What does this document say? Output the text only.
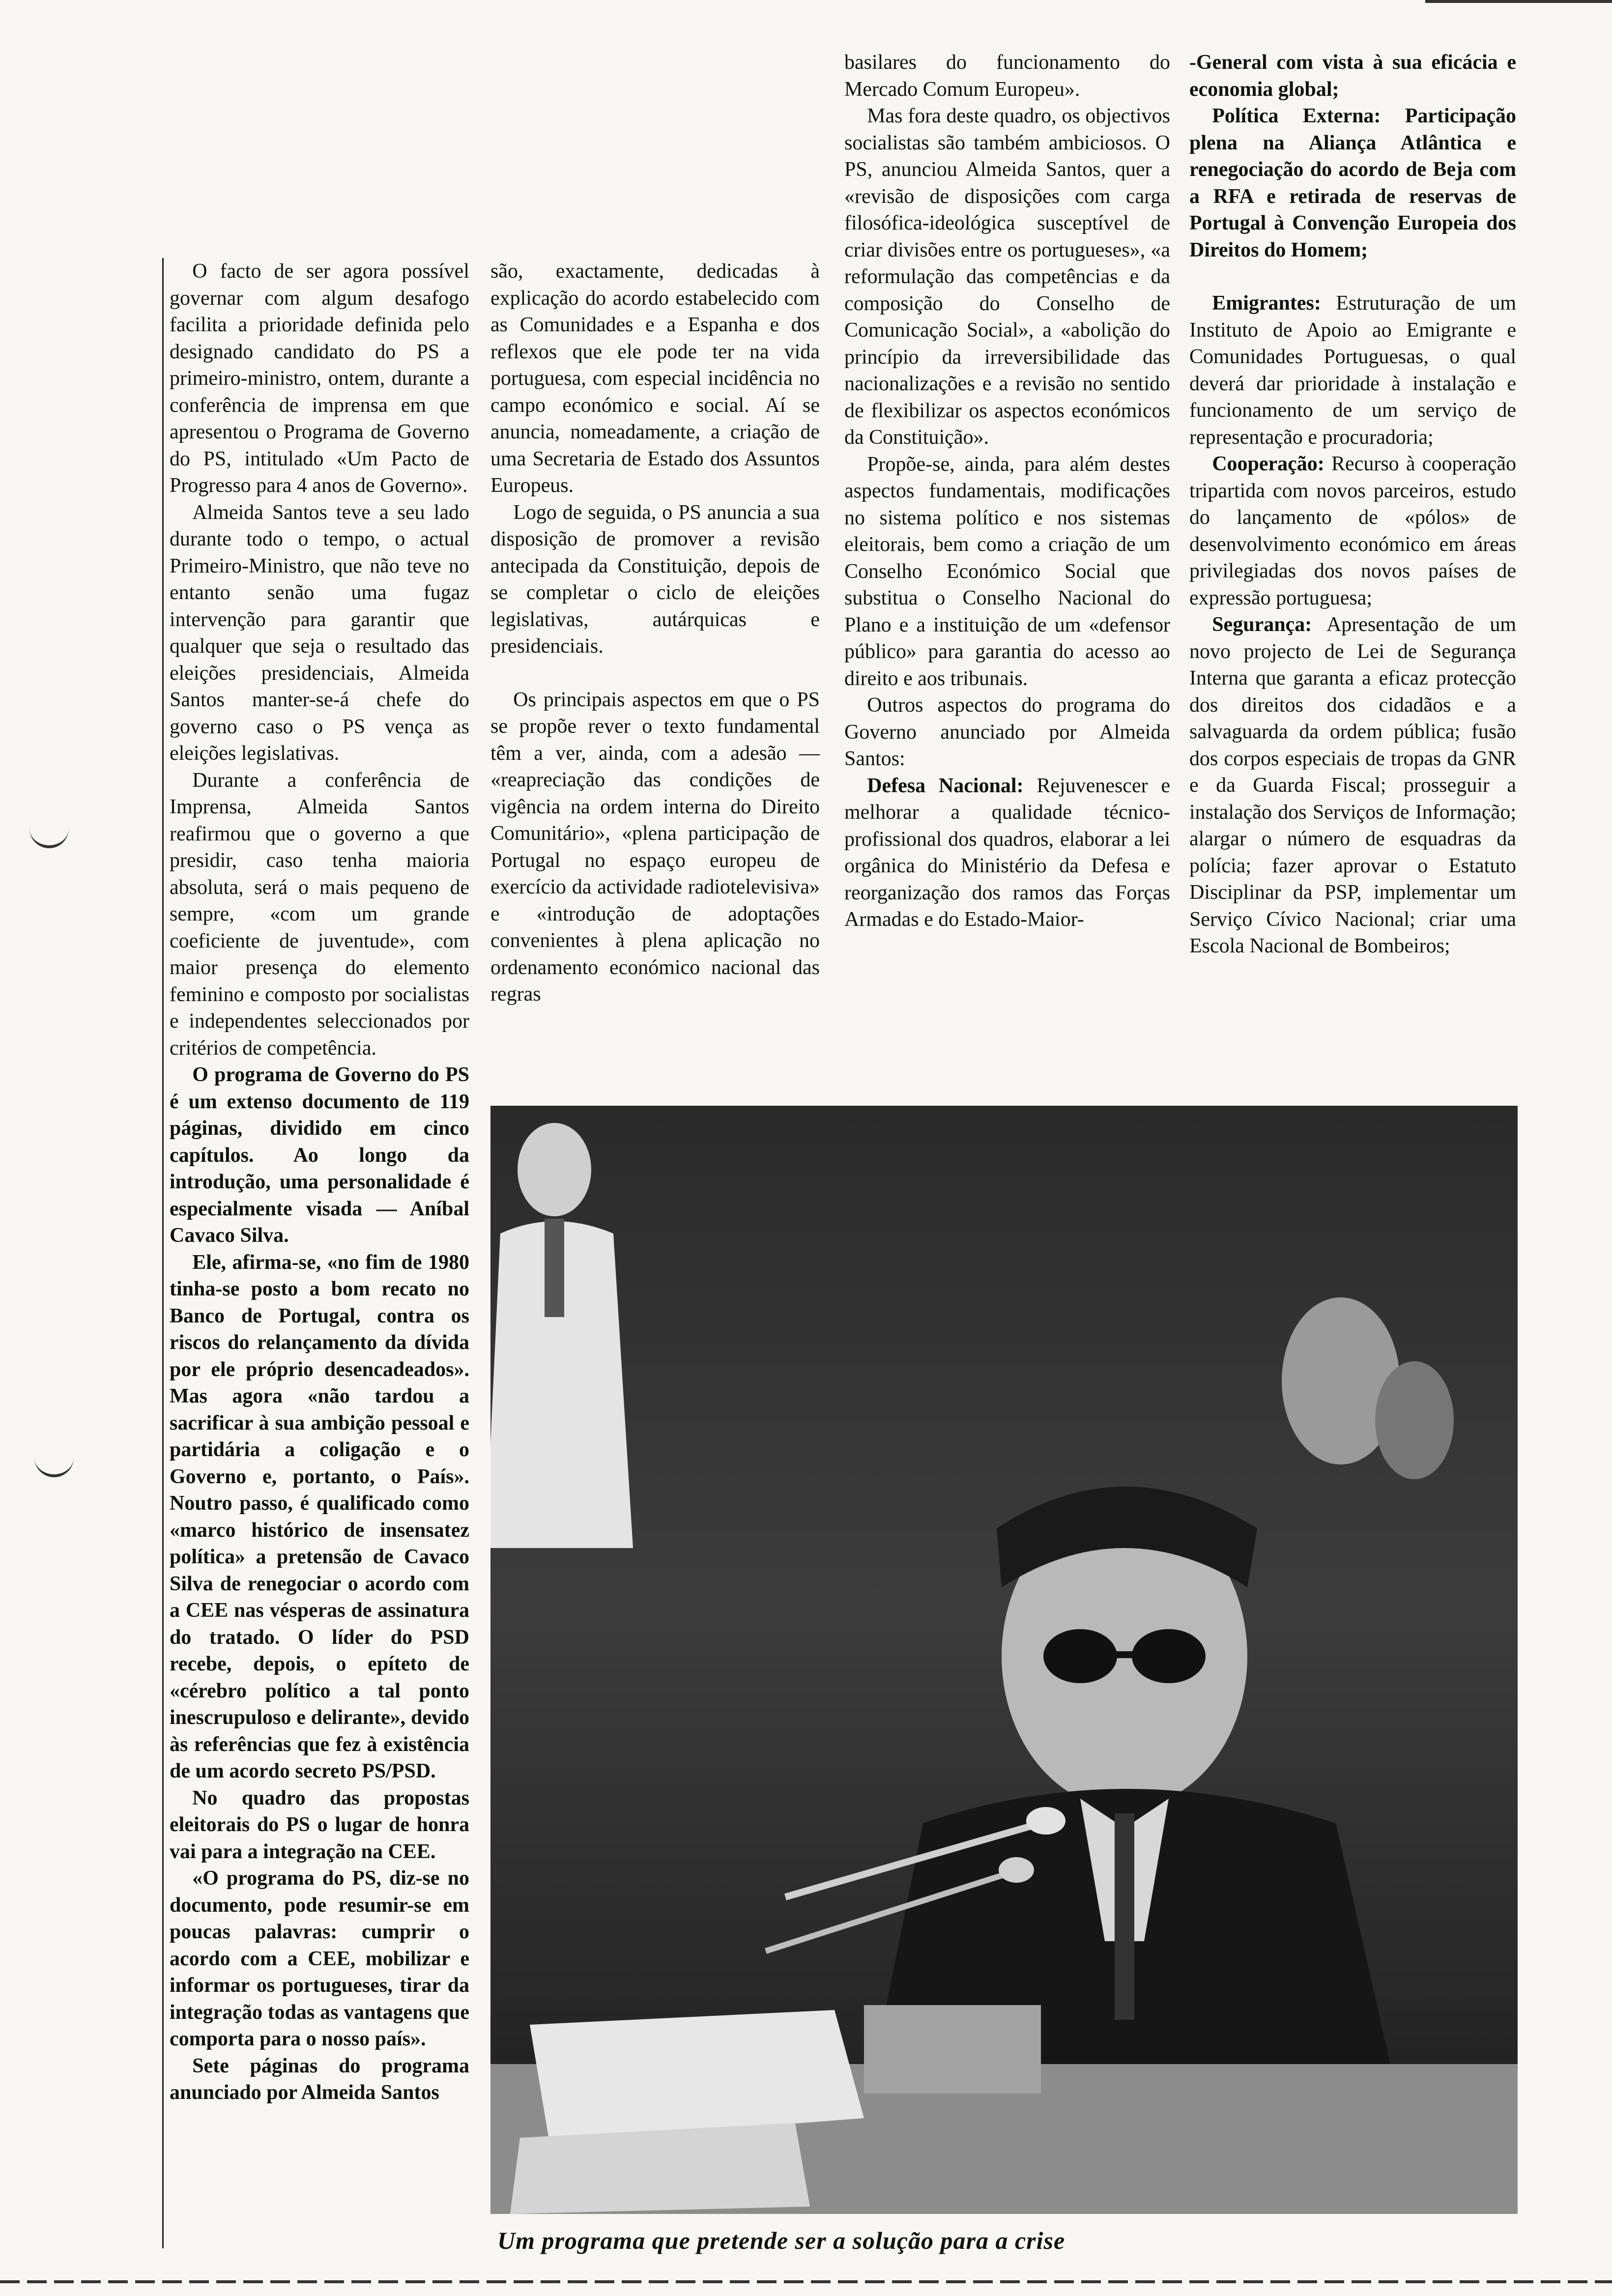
O facto de ser agora possível governar com algum desafogo facilita a prioridade definida pelo designado candidato do PS a primeiro-ministro, ontem, durante a conferência de imprensa em que apresentou o Programa de Governo do PS, intitulado «Um Pacto de Progresso para 4 anos de Governo».

Almeida Santos teve a seu lado durante todo o tempo, o actual Primeiro-Ministro, que não teve no entanto senão uma fugaz intervenção para garantir que qualquer que seja o resultado das eleições presidenciais, Almeida Santos manter-se-á chefe do governo caso o PS vença as eleições legislativas.

Durante a conferência de Imprensa, Almeida Santos reafirmou que o governo a que presidir, caso tenha maioria absoluta, será o mais pequeno de sempre, «com um grande coeficiente de juventude», com maior presença do elemento feminino e composto por socialistas e independentes seleccionados por critérios de competência.

O programa de Governo do PS é um extenso documento de 119 páginas, dividido em cinco capítulos. Ao longo da introdução, uma personalidade é especialmente visada — Aníbal Cavaco Silva.

Ele, afirma-se, «no fim de 1980 tinha-se posto a bom recato no Banco de Portugal, contra os riscos do relançamento da dívida por ele próprio desencadeados». Mas agora «não tardou a sacrificar à sua ambição pessoal e partidária a coligação e o Governo e, portanto, o País». Noutro passo, é qualificado como «marco histórico de insensatez política» a pretensão de Cavaco Silva de renegociar o acordo com a CEE nas vésperas de assinatura do tratado. O líder do PSD recebe, depois, o epíteto de «cérebro político a tal ponto inescrupuloso e delirante», devido às referências que fez à existência de um acordo secreto PS/PSD.

No quadro das propostas eleitorais do PS o lugar de honra vai para a integração na CEE.

«O programa do PS, diz-se no documento, pode resumir-se em poucas palavras: cumprir o acordo com a CEE, mobilizar e informar os portugueses, tirar da integração todas as vantagens que comporta para o nosso país».

Sete páginas do programa anunciado por Almeida Santos

são, exactamente, dedicadas à explicação do acordo estabelecido com as Comunidades e a Espanha e dos reflexos que ele pode ter na vida portuguesa, com especial incidência no campo económico e social. Aí se anuncia, nomeadamente, a criação de uma Secretaria de Estado dos Assuntos Europeus.

Logo de seguida, o PS anuncia a sua disposição de promover a revisão antecipada da Constituição, depois de se completar o ciclo de eleições legislativas, autárquicas e presidenciais.

Os principais aspectos em que o PS se propõe rever o texto fundamental têm a ver, ainda, com a adesão — «reapreciação das condições de vigência na ordem interna do Direito Comunitário», «plena participação de Portugal no espaço europeu de exercício da actividade radiotelevisiva» e «introdução de adoptações convenientes à plena aplicação no ordenamento económico nacional das regras

basilares do funcionamento do Mercado Comum Europeu».

Mas fora deste quadro, os objectivos socialistas são também ambiciosos. O PS, anunciou Almeida Santos, quer a «revisão de disposições com carga filosófica-ideológica susceptível de criar divisões entre os portugueses», «a reformulação das competências e da composição do Conselho de Comunicação Social», a «abolição do princípio da irreversibilidade das nacionalizações e a revisão no sentido de flexibilizar os aspectos económicos da Constituição».

Propõe-se, ainda, para além destes aspectos fundamentais, modificações no sistema político e nos sistemas eleitorais, bem como a criação de um Conselho Económico Social que substitua o Conselho Nacional do Plano e a instituição de um «defensor público» para garantia do acesso ao direito e aos tribunais.

Outros aspectos do programa do Governo anunciado por Almeida Santos:

Defesa Nacional: Rejuvenescer e melhorar a qualidade técnico-profissional dos quadros, elaborar a lei orgânica do Ministério da Defesa e reorganização dos ramos das Forças Armadas e do Estado-Maior-

-General com vista à sua eficácia e economia global;

Política Externa: Participação plena na Aliança Atlântica e renegociação do acordo de Beja com a RFA e retirada de reservas de Portugal à Convenção Europeia dos Direitos do Homem;

Emigrantes: Estruturação de um Instituto de Apoio ao Emigrante e Comunidades Portuguesas, o qual deverá dar prioridade à instalação e funcionamento de um serviço de representação e procuradoria;

Cooperação: Recurso à cooperação tripartida com novos parceiros, estudo do lançamento de «pólos» de desenvolvimento económico em áreas privilegiadas dos novos países de expressão portuguesa;

Segurança: Apresentação de um novo projecto de Lei de Segurança Interna que garanta a eficaz protecção dos direitos dos cidadãos e a salvaguarda da ordem pública; fusão dos corpos especiais de tropas da GNR e da Guarda Fiscal; prosseguir a instalação dos Serviços de Informação; alargar o número de esquadras da polícia; fazer aprovar o Estatuto Disciplinar da PSP, implementar um Serviço Cívico Nacional; criar uma Escola Nacional de Bombeiros;

Um programa que pretende ser a solução para a crise
